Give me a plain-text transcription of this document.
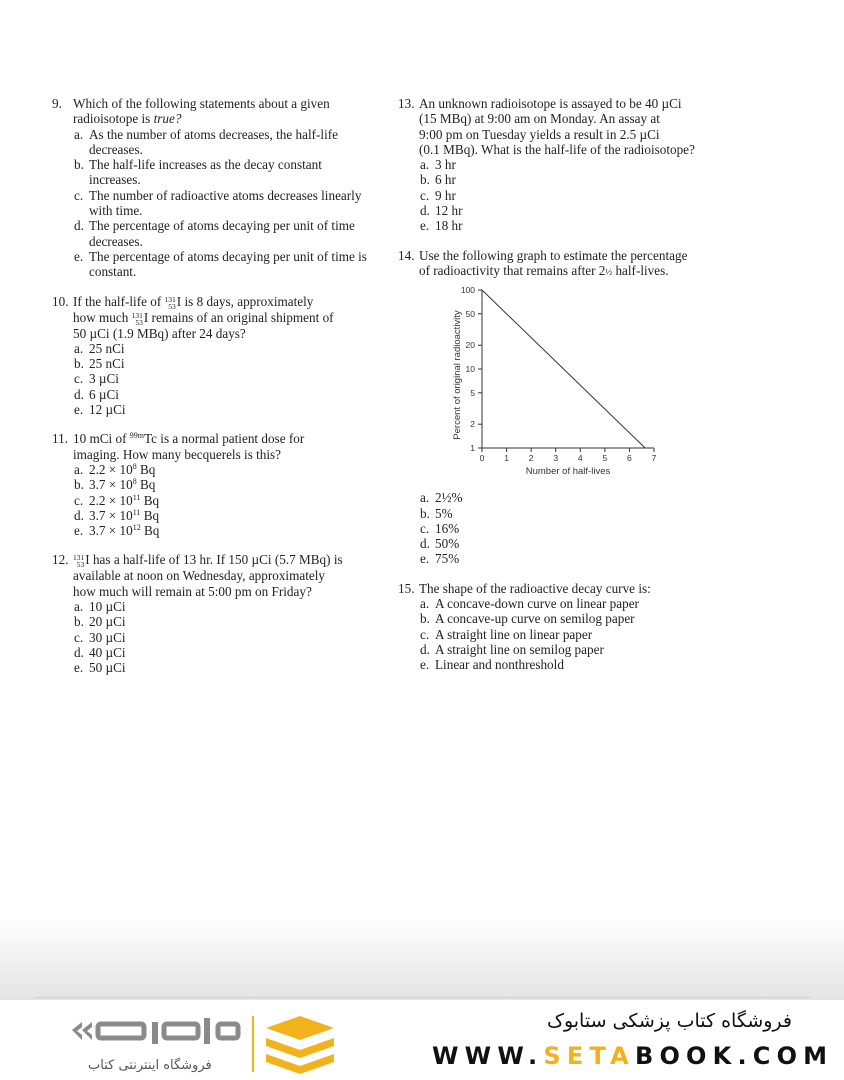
9. Which of the following statements about a given
radioisotope is true?
a. As the number of atoms decreases, the half-life decreases.
b. The half-life increases as the decay constant increases.
c. The number of radioactive atoms decreases linearly with time.
d. The percentage of atoms decaying per unit of time decreases.
e. The percentage of atoms decaying per unit of time is constant.
10. If the half-life of 131
53 I is 8 days, approximately
how much 131
53 I remains of an original shipment of
50 µCi (1.9 MBq) after 24 days?
a. 25 nCi
b. 25 nCi
c. 3 µCi
d. 6 µCi
e. 12 µCi
11. 10 mCi of $^{99m}$Tc is a normal patient dose for
imaging. How many becquerels is this?
a. $2.2 \times 10^8$ Bq
b. $3.7 \times 10^8$ Bq
c. $2.2 \times 10^{11}$ Bq
d. $3.7 \times 10^{11}$ Bq
e. $3.7 \times 10^{12}$ Bq
12. 131
53 I has a half-life of 13 hr. If 150 µCi (5.7 MBq) is
available at noon on Wednesday, approximately
how much will remain at 5:00 pm on Friday?
a. 10 µCi
b. 20 µCi
c. 30 µCi
d. 40 µCi
e. 50 µCi
13. An unknown radioisotope is assayed to be 40 µCi
(15 MBq) at 9:00 am on Monday. An assay at
9:00 pm on Tuesday yields a result in 2.5 µCi
(0.1 MBq). What is the half-life of the radioisotope?
a. 3 hr
b. 6 hr
c. 9 hr
d. 12 hr
e. 18 hr
14. Use the following graph to estimate the percentage
of radioactivity that remains after 2½ half-lives.
100
50
20
10
5
2
1
0 1 2 3 4 5 6 7
Number of half-lives
Percent of original radioactivity
a. 2½%
b. 5%
c. 16%
d. 50%
e. 75%
15. The shape of the radioactive decay curve is:
a. A concave-down curve on linear paper
b. A concave-up curve on semilog paper
c. A straight line on linear paper
d. A straight line on semilog paper
e. Linear and nonthreshold
فروشگاه اینترنتی کتاب
فروشگاه کتاب پزشکی ستابوک
WWW.SETABOOK.COM
